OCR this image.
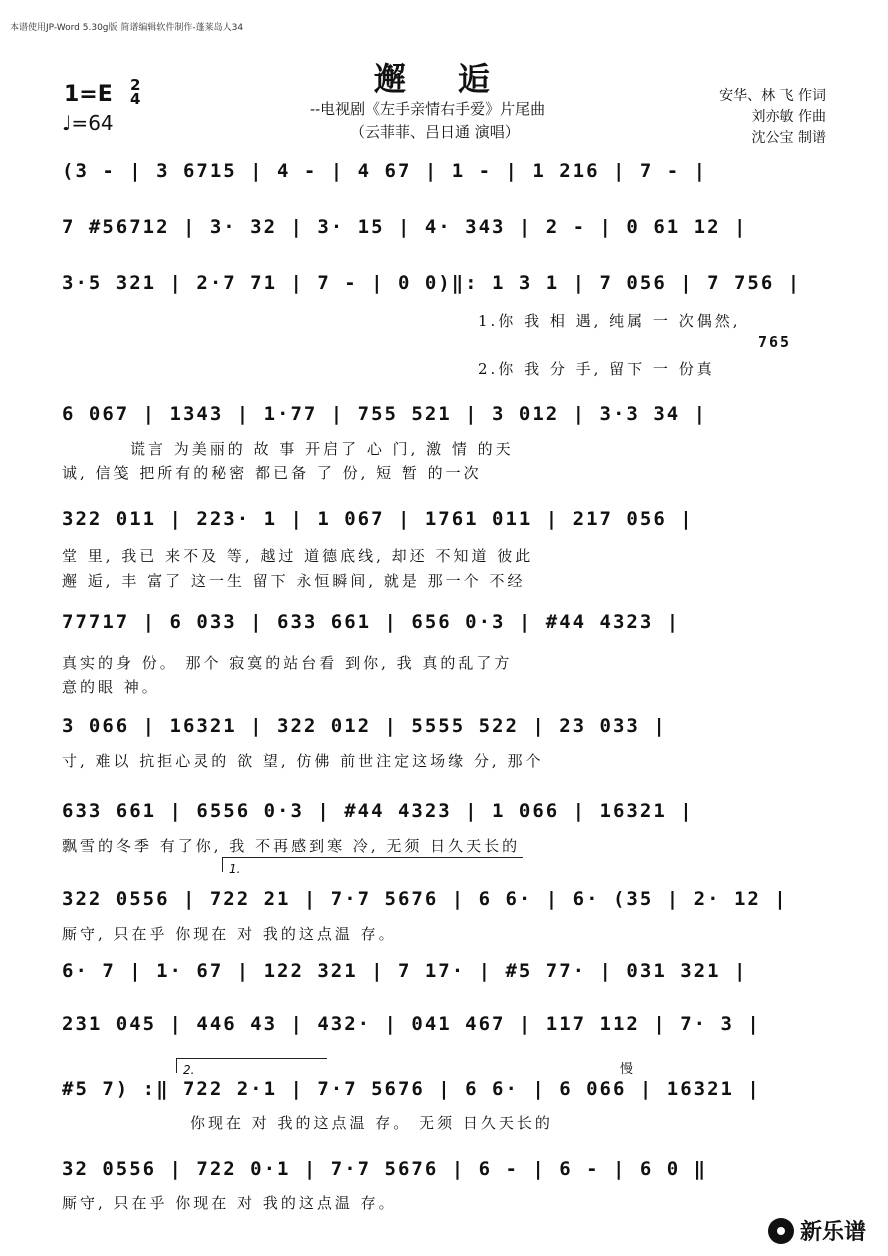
本谱使用JP-Word 5.30g版 简谱编辑软件制作-蓬莱岛人34
1=E 2
4
♩=64
邂逅
--电视剧《左手亲情右手爱》片尾曲
（云菲菲、吕日通 演唱）
安华、林 飞 作词
刘亦敏 作曲
沈公宝 制谱
(3 - | 3 6715 | 4 - | 4 67 | 1 - | 1 216 | 7 - |
7 #56712 | 3· 32 | 3· 15 | 4· 343 | 2 - | 0 61 12 |
3·5 321 | 2·7 71 | 7 - | 0 0)‖: 1 3 1 | 7 056 | 7 756 |
1.你 我 相 遇, 纯属 一 次偶然,
765
2.你 我 分 手, 留下 一 份真
6 067 | 1343 | 1·77 | 755 521 | 3 012 | 3·3 34 |
谎言 为美丽的 故 事 开启了 心 门, 激 情 的天
诚, 信笺 把所有的秘密 都已备 了 份, 短 暂 的一次
322 011 | 223· 1 | 1 067 | 1761 011 | 217 056 |
堂 里, 我已 来不及 等, 越过 道德底线, 却还 不知道 彼此
邂 逅, 丰 富了 这一生 留下 永恒瞬间, 就是 那一个 不经
77717 | 6 033 | 633 661 | 656 0·3 | #44 4323 |
真实的身 份。 那个 寂寞的站台看 到你, 我 真的乱了方
意的眼 神。
3 066 | 16321 | 322 012 | 5555 522 | 23 033 |
寸, 难以 抗拒心灵的 欲 望, 仿佛 前世注定这场缘 分, 那个
633 661 | 6556 0·3 | #44 4323 | 1 066 | 16321 |
飘雪的冬季 有了你, 我 不再感到寒 冷, 无须 日久天长的
1.
322 0556 | 722 21 | 7·7 5676 | 6 6· | 6· (35 | 2· 12 |
厮守, 只在乎 你现在 对 我的这点温 存。
6· 7 | 1· 67 | 122 321 | 7 17· | #5 77· | 031 321 |
231 045 | 446 43 | 432· | 041 467 | 117 112 | 7· 3 |
2.	慢
#5 7) :‖ 722 2·1 | 7·7 5676 | 6 6· | 6 066 | 16321 |
你现在 对 我的这点温 存。 无须 日久天长的
32 0556 | 722 0·1 | 7·7 5676 | 6 - | 6 - | 6 0 ‖
厮守, 只在乎 你现在 对 我的这点温 存。
新乐谱
